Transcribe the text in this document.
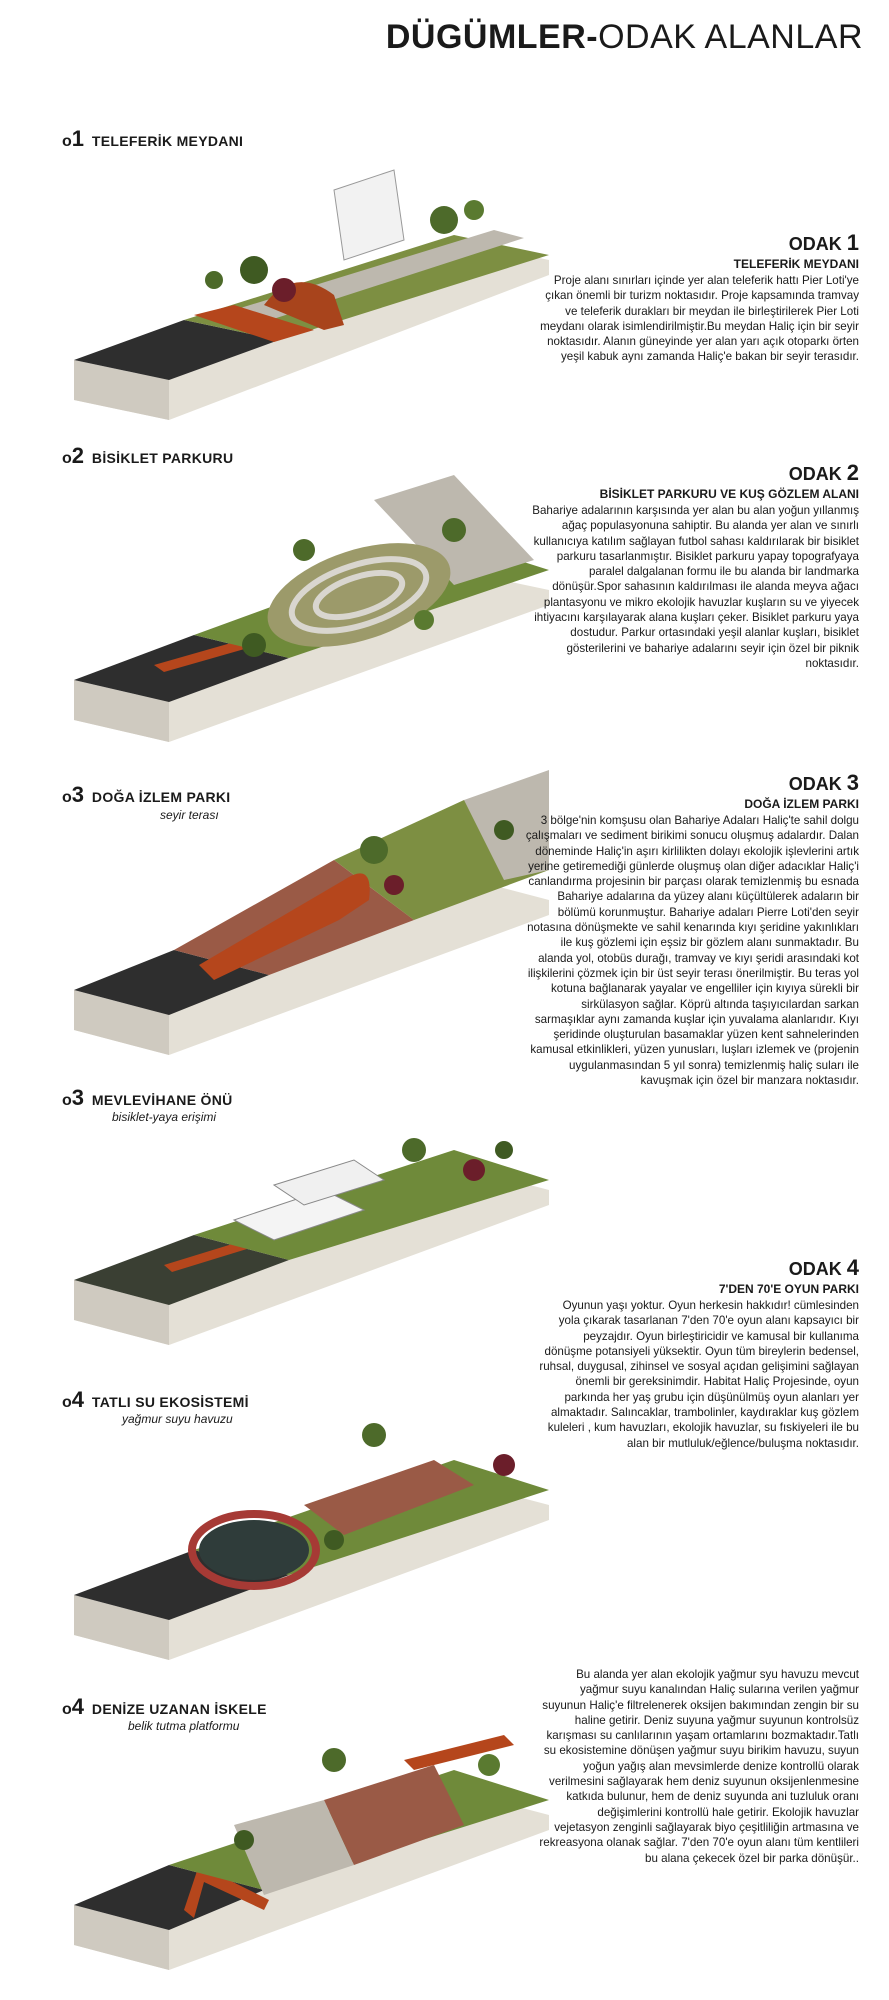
DÜGÜMLER-ODAK ALANLAR
o1 TELEFERİK MEYDANI
o2 BİSİKLET PARKURU
o3 DOĞA İZLEM PARKI
seyir terası
o3 MEVLEVİHANE ÖNÜ
bisiklet-yaya erişimi
o4 TATLI SU EKOSİSTEMİ
yağmur suyu havuzu
o4 DENİZE UZANAN İSKELE
belik tutma platformu
ODAK 1
TELEFERİK MEYDANI
Proje alanı sınırları içinde yer alan teleferik hattı Pier Loti'ye çıkan önemli bir turizm noktasıdır. Proje kapsamında tramvay ve teleferik durakları bir meydan ile birleştirilerek Pier Loti meydanı olarak isimlendirilmiştir.Bu meydan Haliç için bir seyir noktasıdır. Alanın güneyinde yer alan yarı açık otoparkı örten yeşil kabuk aynı zamanda Haliç'e bakan bir seyir terasıdır.
ODAK 2
BİSİKLET PARKURU VE KUŞ GÖZLEM ALANI
Bahariye adalarının karşısında yer alan bu alan yoğun yıllanmış ağaç populasyonuna sahiptir. Bu alanda yer alan ve sınırlı kullanıcıya katılım sağlayan futbol sahası kaldırılarak bir bisiklet parkuru tasarlanmıştır. Bisiklet parkuru yapay topografyaya paralel dalgalanan formu ile bu alanda bir landmarka dönüşür.Spor sahasının kaldırılması ile alanda meyva ağacı plantasyonu ve mikro ekolojik havuzlar kuşların su ve yiyecek ihtiyacını karşılayarak alana kuşları çeker. Bisiklet parkuru yaya dostudur. Parkur ortasındaki yeşil alanlar kuşları, bisiklet gösterilerini ve bahariye adalarını seyir için özel bir piknik noktasıdır.
ODAK 3
DOĞA İZLEM PARKI
3 bölge'nin komşusu olan Bahariye Adaları Haliç'te sahil dolgu çalışmaları ve sediment birikimi sonucu oluşmuş adalardır. Dalan döneminde Haliç'in aşırı kirlilikten dolayı ekolojik işlevlerini artık yerine getiremediği günlerde oluşmuş olan diğer adacıklar Haliç'i canlandırma projesinin bir parçası olarak temizlenmiş bu esnada Bahariye adalarına da yüzey alanı küçültülerek adaların bir bölümü korunmuştur. Bahariye adaları Pierre Loti'den seyir notasına dönüşmekte ve sahil kenarında kıyı şeridine yakınlıkları ile kuş gözlemi için eşsiz bir gözlem alanı sunmaktadır. Bu alanda yol, otobüs durağı, tramvay ve kıyı şeridi arasındaki kot ilişkilerini çözmek için bir üst seyir terası önerilmiştir. Bu teras yol kotuna bağlanarak yayalar ve engelliler için kıyıya sürekli bir sirkülasyon sağlar. Köprü altında taşıyıcılardan sarkan sarmaşıklar aynı zamanda kuşlar için yuvalama alanlarıdır. Kıyı şeridinde oluşturulan basamaklar yüzen kent sahnelerinden kamusal etkinlikleri, yüzen yunusları, luşları izlemek ve (projenin uygulanmasından 5 yıl sonra) temizlenmiş haliç suları ile kavuşmak için özel bir manzara noktasıdır.
ODAK 4
7'DEN 70'E OYUN PARKI
Oyunun yaşı yoktur. Oyun herkesin hakkıdır! cümlesinden yola çıkarak tasarlanan 7'den 70'e oyun alanı kapsayıcı bir peyzajdır. Oyun birleştiricidir ve kamusal bir kullanıma dönüşme potansiyeli yüksektir. Oyun tüm bireylerin bedensel, ruhsal, duygusal, zihinsel ve sosyal açıdan gelişimini sağlayan önemli bir gereksinimdir. Habitat Haliç Projesinde, oyun parkında her yaş grubu için düşünülmüş oyun alanları yer almaktadır. Salıncaklar, trambolinler, kaydıraklar kuş gözlem kuleleri , kum havuzları, ekolojik havuzlar, su fıskiyeleri ile bu alan bir mutluluk/eğlence/buluşma noktasıdır.
Bu alanda yer alan ekolojik yağmur syu havuzu mevcut yağmur suyu kanalından Haliç sularına verilen yağmur suyunun Haliç'e filtrelenerek oksijen bakımından zengin bir su haline getirir. Deniz suyuna yağmur suyunun kontrolsüz karışması su canlılarının yaşam ortamlarını bozmaktadır.Tatlı su ekosistemine dönüşen yağmur suyu birikim havuzu, suyun yoğun yağış alan mevsimlerde denize kontrollü olarak verilmesini sağlayarak hem deniz suyunun oksijenlenmesine katkıda bulunur, hem de deniz suyunda ani tuzluluk oranı değişimlerini kontrollü hale getirir. Ekolojik havuzlar vejetasyon zenginli sağlayarak biyo çeşitliliğin artmasına ve rekreasyona olanak sağlar. 7'den 70'e oyun alanı tüm kentlileri bu alana çekecek özel bir parka dönüşür..
